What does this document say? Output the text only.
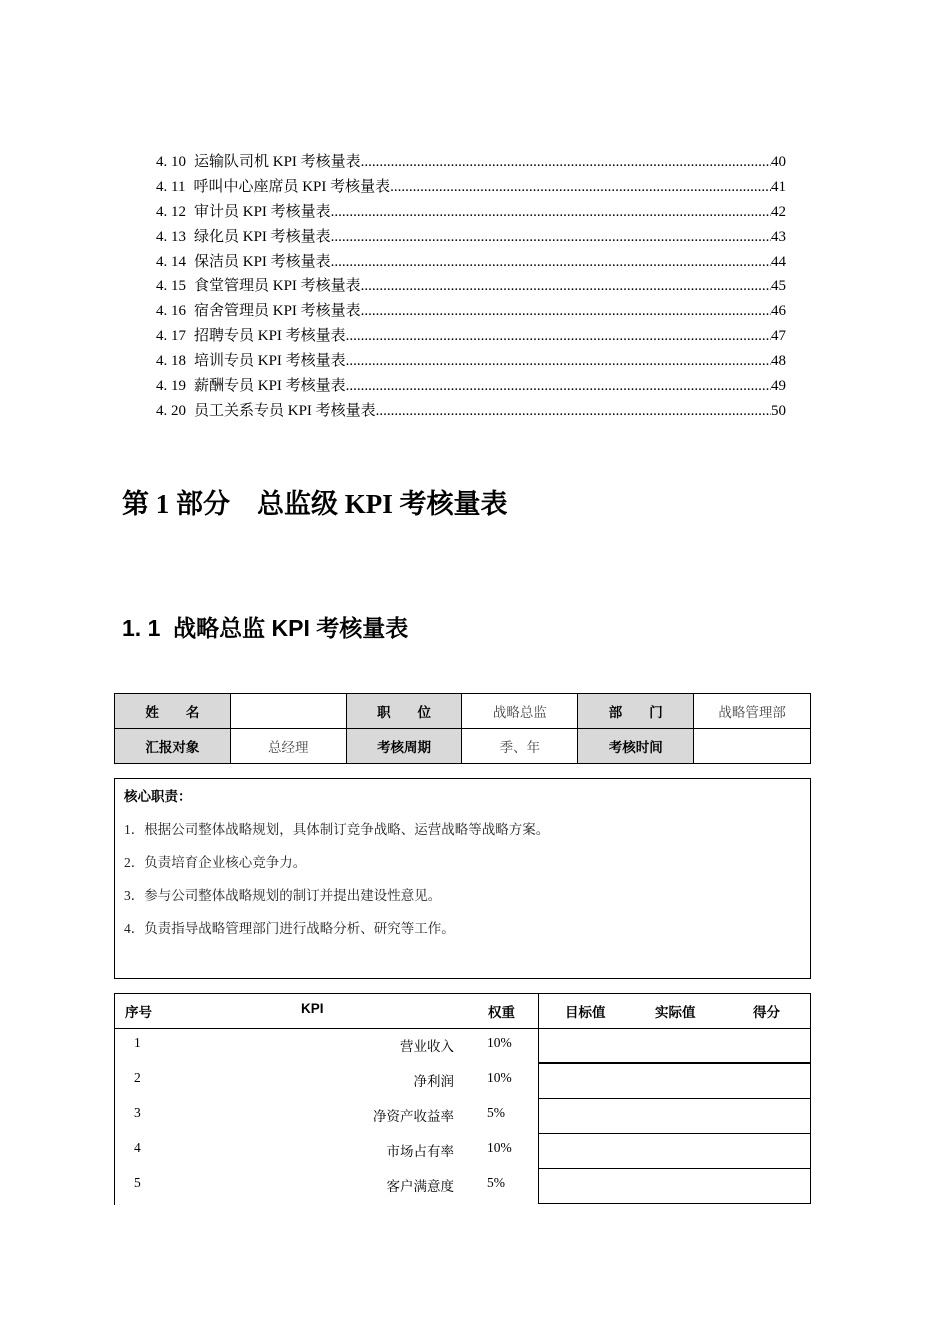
4. 10 运输队司机 KPI 考核量表 .....	40
4. 11 呼叫中心座席员 KPI 考核量表 .....	41
4. 12 审计员 KPI 考核量表 .....	42
4. 13 绿化员 KPI 考核量表 .....	43
4. 14 保洁员 KPI 考核量表 .....	44
4. 15 食堂管理员 KPI 考核量表 .....	45
4. 16 宿舍管理员 KPI 考核量表 .....	46
4. 17 招聘专员 KPI 考核量表 .....	47
4. 18 培训专员 KPI 考核量表 .....	48
4. 19 薪酬专员 KPI 考核量表 .....	49
4. 20 员工关系专员 KPI 考核量表 .....	50
第 1 部分    总监级 KPI 考核量表
1. 1  战略总监 KPI 考核量表
姓　　名		职　　位	战略总监	部　　门	战略管理部
汇报对象	总经理	考核周期	季、年	考核时间	
核心职责：
1．根据公司整体战略规划，具体制订竞争战略、运营战略等战略方案。
2．负责培育企业核心竞争力。
3．参与公司整体战略规划的制订并提出建设性意见。
4．负责指导战略管理部门进行战略分析、研究等工作。
序号	KPI	权重	目标值	实际值	得分
1	营业收入 10%
2	净利润 10%
3	净资产收益率 5%
4	市场占有率 10%
5	客户满意度 5%
